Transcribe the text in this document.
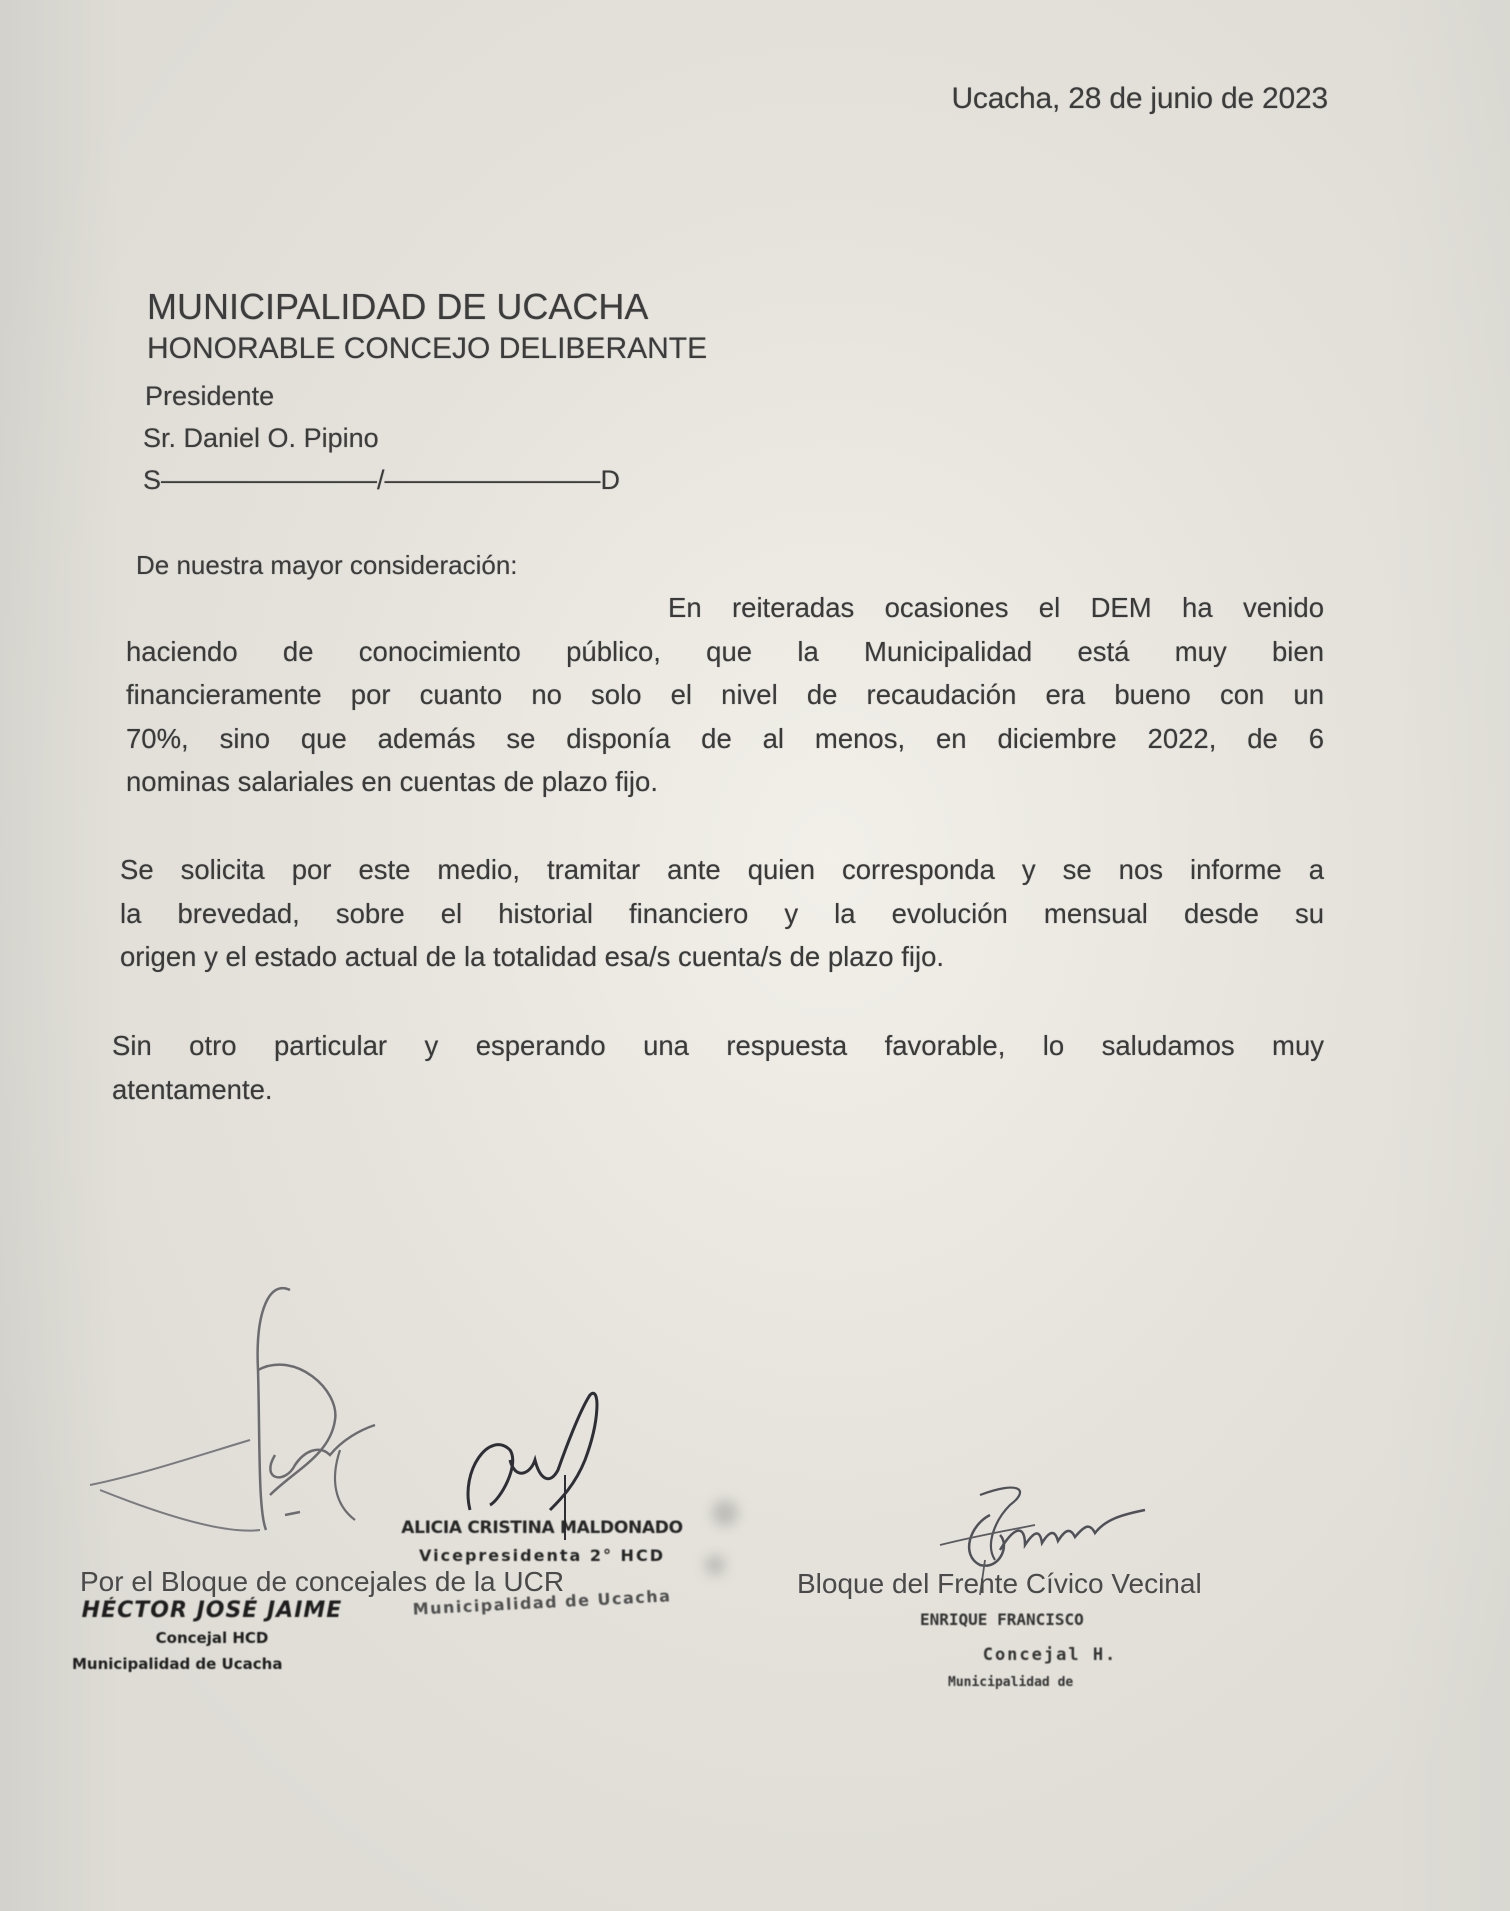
Ucacha, 28 de junio de 2023
MUNICIPALIDAD DE UCACHA
HONORABLE CONCEJO DELIBERANTE
Presidente
Sr. Daniel O. Pipino
S————————/————————D
De nuestra mayor consideración:
En reiteradas ocasiones el DEM ha venido
haciendo de conocimiento público, que la Municipalidad está muy bien
financieramente por cuanto no solo el nivel de recaudación era bueno con un
70%, sino que además se disponía de al menos, en diciembre 2022, de 6
nominas salariales en cuentas de plazo fijo.
Se solicita por este medio, tramitar ante quien corresponda y se nos informe a
la brevedad, sobre el historial financiero y la evolución mensual desde su
origen y el estado actual de la totalidad esa/s cuenta/s de plazo fijo.
Sin otro particular y esperando una respuesta favorable, lo saludamos muy
atentamente.
Por el Bloque de concejales de la UCR
HÉCTOR JOSÉ JAIME
Concejal HCD
Municipalidad de Ucacha
ALICIA CRISTINA MALDONADO
Vicepresidenta 2° HCD
Municipalidad de Ucacha
Bloque del Frente Cívico Vecinal
ENRIQUE FRANCISCO
Concejal H.
Municipalidad de
